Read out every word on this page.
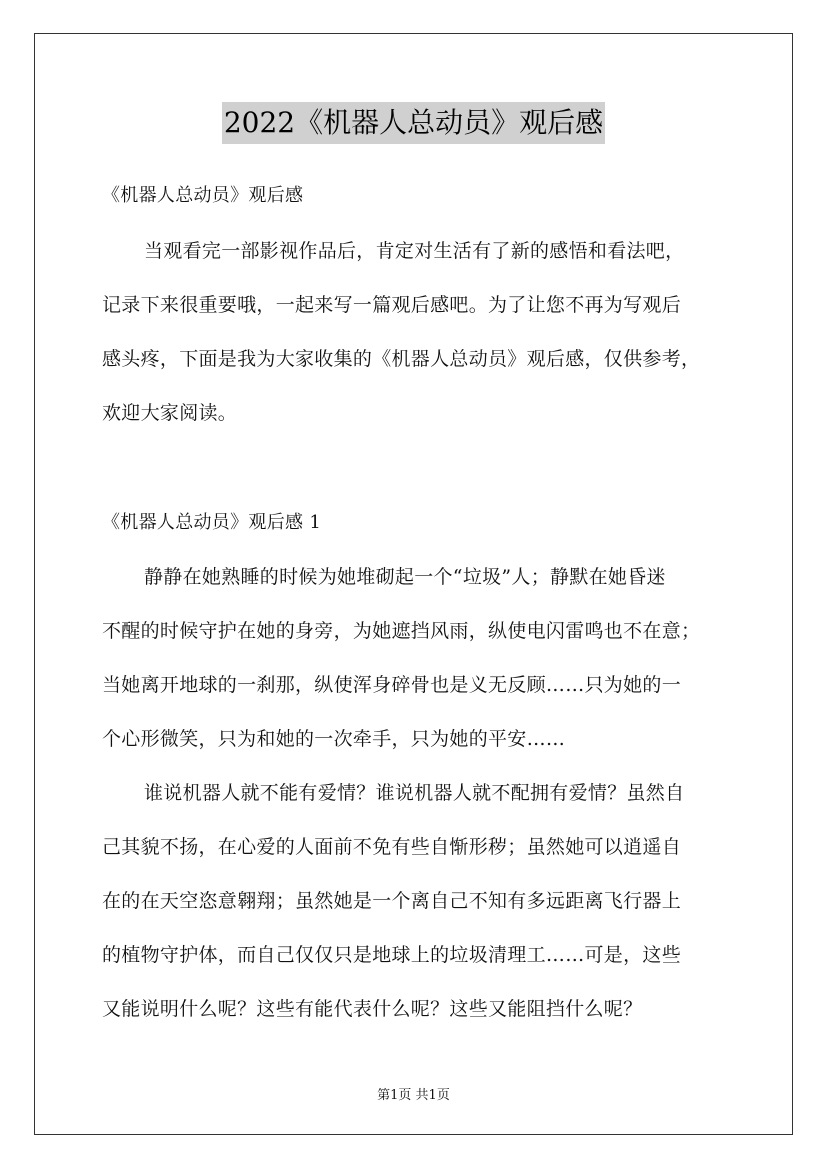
2022《机器人总动员》观后感
《机器人总动员》观后感
当观看完一部影视作品后，肯定对生活有了新的感悟和看法吧，
记录下来很重要哦，一起来写一篇观后感吧。为了让您不再为写观后
感头疼，下面是我为大家收集的《机器人总动员》观后感，仅供参考，
欢迎大家阅读。
《机器人总动员》观后感 1
静静在她熟睡的时候为她堆砌起一个“垃圾”人；静默在她昏迷
不醒的时候守护在她的身旁，为她遮挡风雨，纵使电闪雷鸣也不在意；
当她离开地球的一刹那，纵使浑身碎骨也是义无反顾……只为她的一
个心形微笑，只为和她的一次牵手，只为她的平安……
谁说机器人就不能有爱情？谁说机器人就不配拥有爱情？虽然自
己其貌不扬，在心爱的人面前不免有些自惭形秽；虽然她可以逍遥自
在的在天空恣意翱翔；虽然她是一个离自己不知有多远距离飞行器上
的植物守护体，而自己仅仅只是地球上的垃圾清理工……可是，这些
又能说明什么呢？这些有能代表什么呢？这些又能阻挡什么呢？
第1页 共1页
